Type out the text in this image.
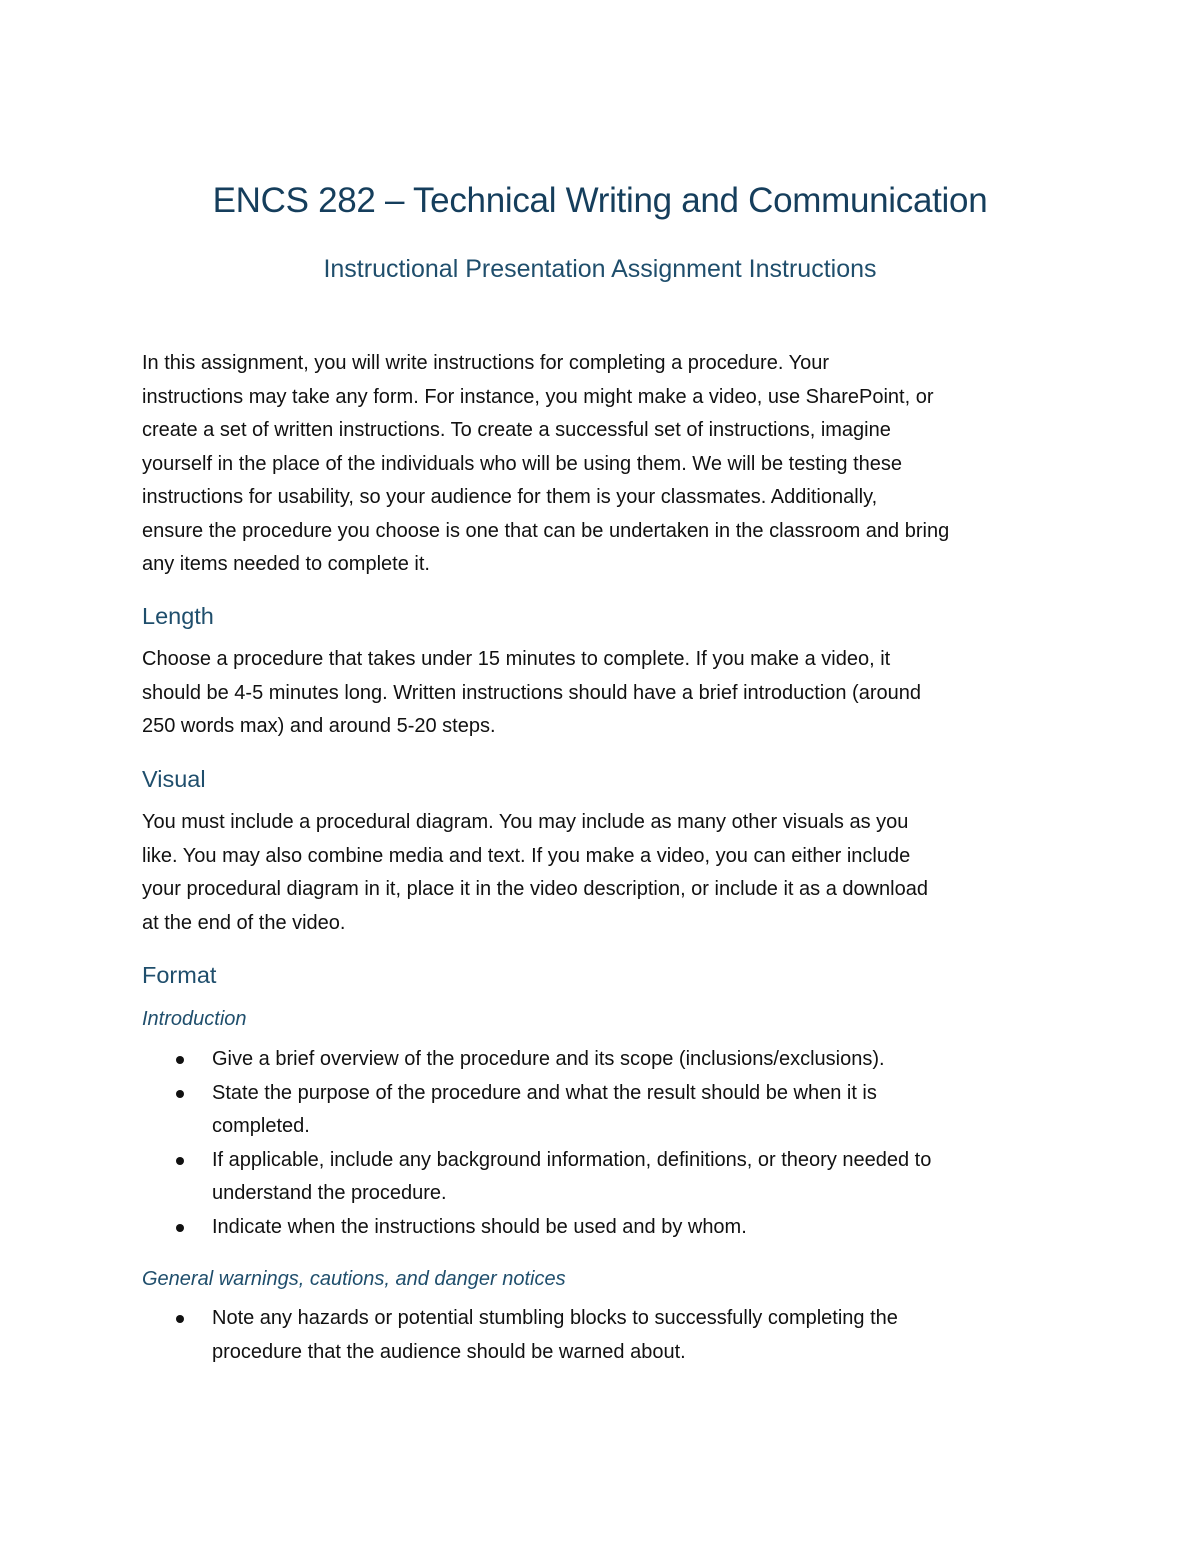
ENCS 282 – Technical Writing and Communication
Instructional Presentation Assignment Instructions
In this assignment, you will write instructions for completing a procedure. Your
instructions may take any form. For instance, you might make a video, use SharePoint, or
create a set of written instructions. To create a successful set of instructions, imagine
yourself in the place of the individuals who will be using them. We will be testing these
instructions for usability, so your audience for them is your classmates. Additionally,
ensure the procedure you choose is one that can be undertaken in the classroom and bring
any items needed to complete it.
Length
Choose a procedure that takes under 15 minutes to complete. If you make a video, it
should be 4-5 minutes long. Written instructions should have a brief introduction (around
250 words max) and around 5-20 steps.
Visual
You must include a procedural diagram. You may include as many other visuals as you
like. You may also combine media and text. If you make a video, you can either include
your procedural diagram in it, place it in the video description, or include it as a download
at the end of the video.
Format
Introduction
Give a brief overview of the procedure and its scope (inclusions/exclusions).
State the purpose of the procedure and what the result should be when it is
completed.
If applicable, include any background information, definitions, or theory needed to
understand the procedure.
Indicate when the instructions should be used and by whom.
General warnings, cautions, and danger notices
Note any hazards or potential stumbling blocks to successfully completing the
procedure that the audience should be warned about.
